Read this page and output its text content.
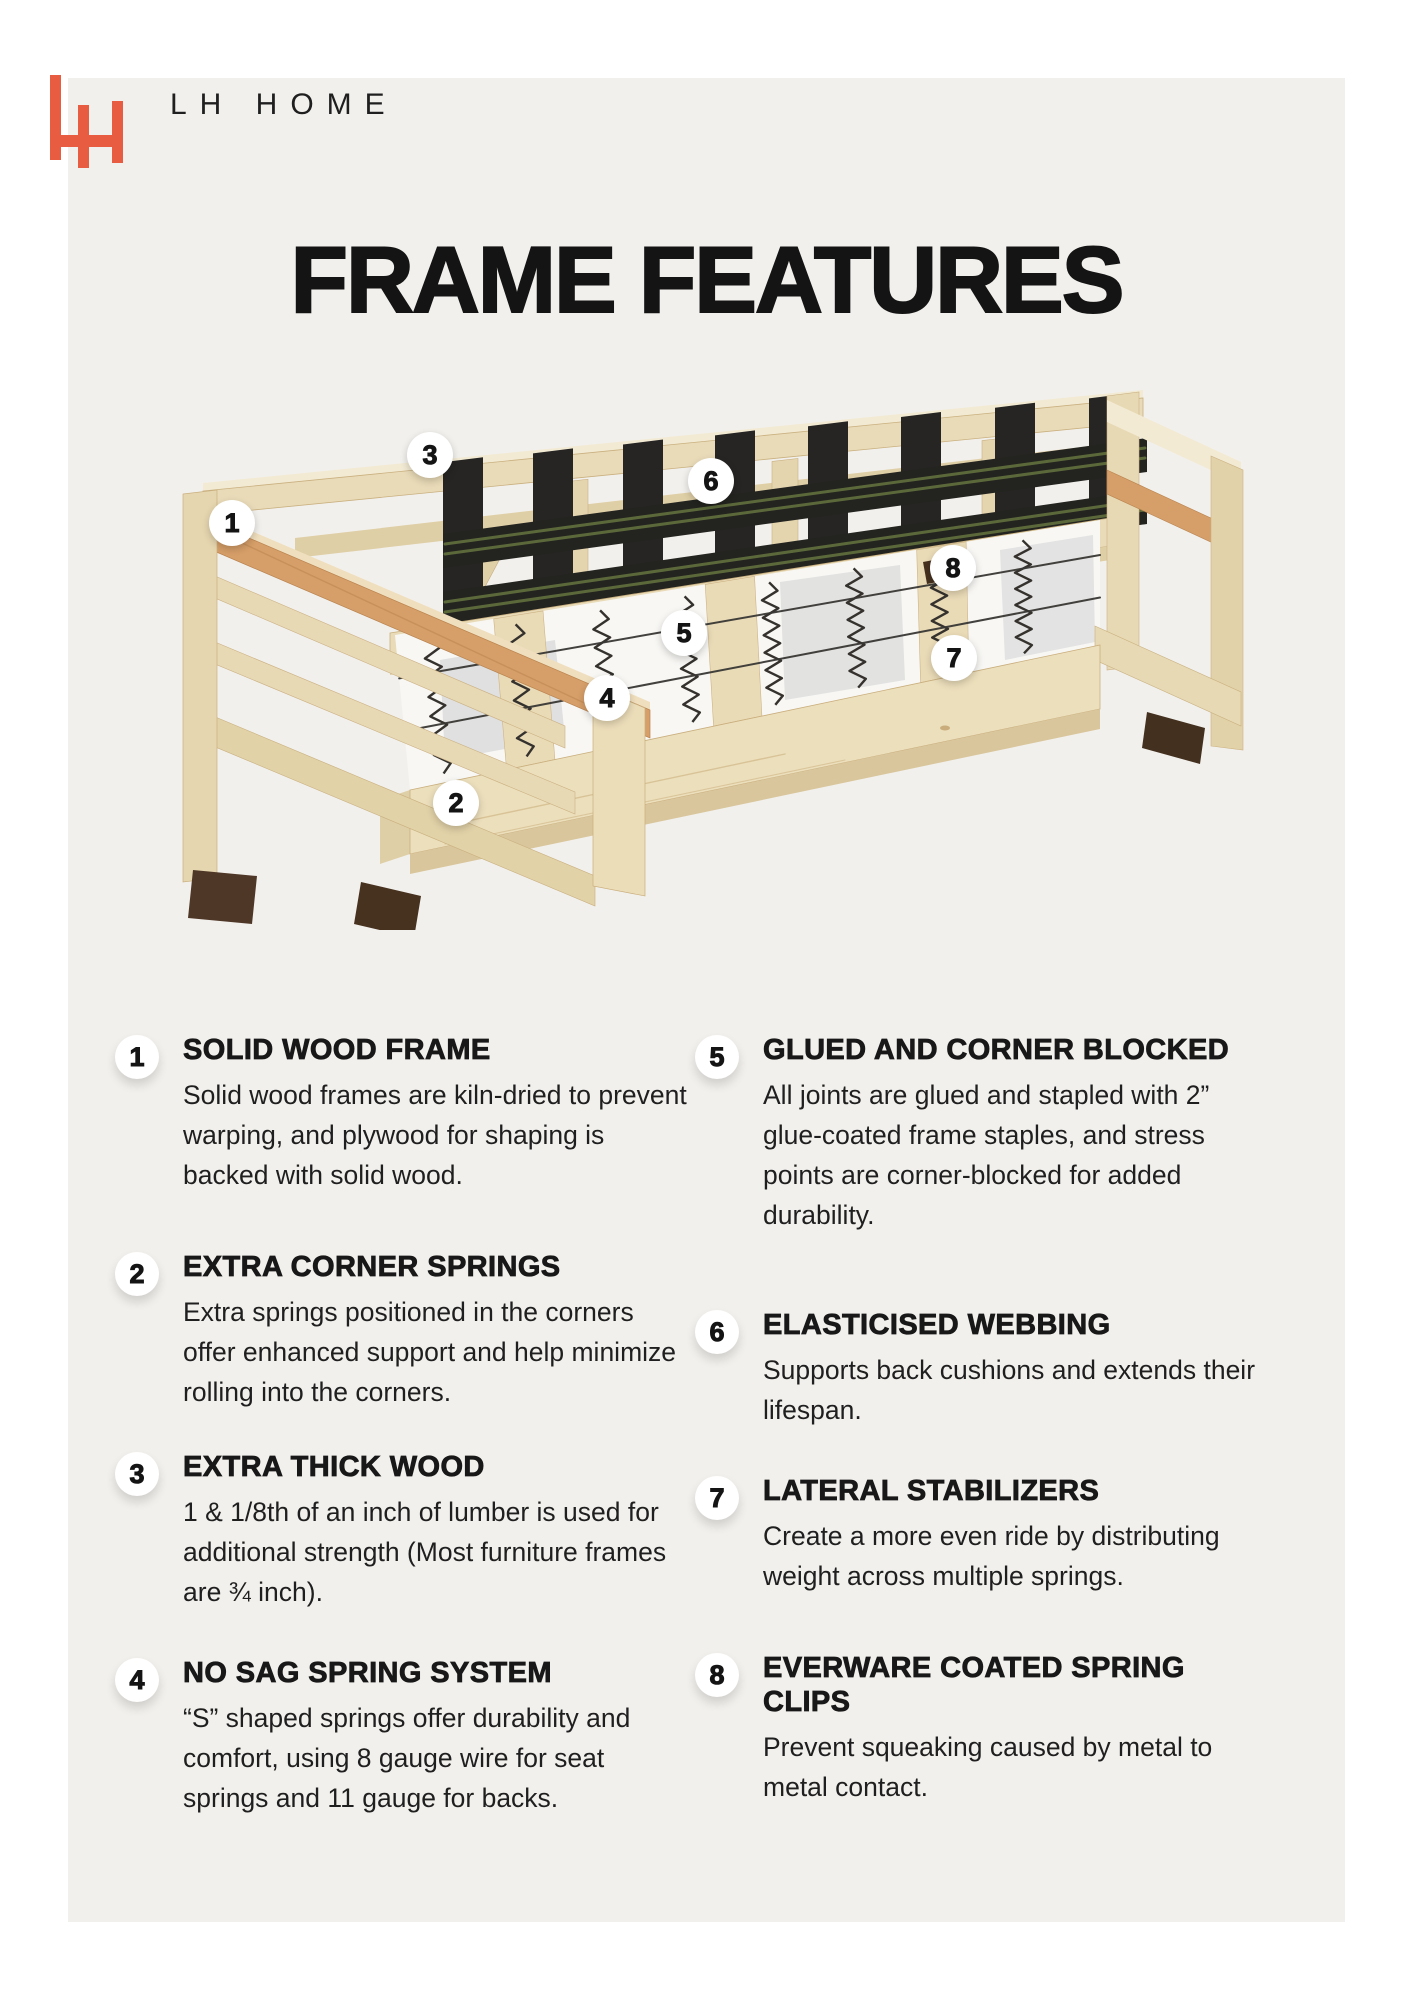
LH HOME
FRAME FEATURES
1
2
3
4
5
6
7
8
1	SOLID WOOD FRAME

Solid wood frames are kiln-dried to prevent warping, and plywood for shaping is backed with solid wood.

2	EXTRA CORNER SPRINGS

Extra springs positioned in the corners offer enhanced support and help minimize rolling into the corners.

3	EXTRA THICK WOOD

1 & 1/8th of an inch of lumber is used for additional strength (Most furniture frames are ¾ inch).

4	NO SAG SPRING SYSTEM

“S” shaped springs offer durability and comfort, using 8 gauge wire for seat springs and 11 gauge for backs.

5	GLUED AND CORNER BLOCKED

All joints are glued and stapled with 2” glue-coated frame staples, and stress points are corner-blocked for added durability.

6	ELASTICISED WEBBING

Supports back cushions and extends their lifespan.

7	LATERAL STABILIZERS

Create a more even ride by distributing weight across multiple springs.

8	EVERWARE COATED SPRING CLIPS

Prevent squeaking caused by metal to metal contact.
